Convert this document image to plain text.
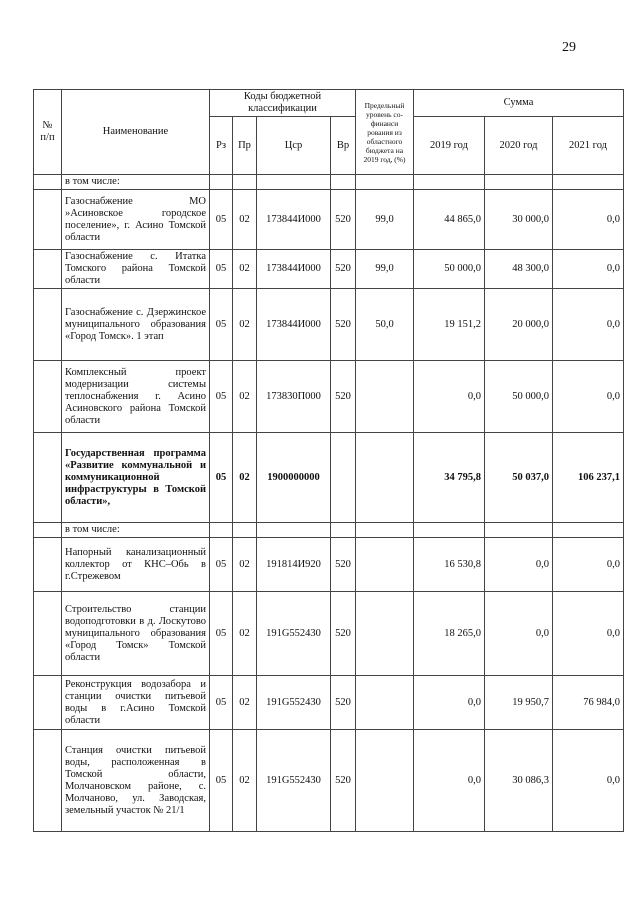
29
№ п/п	Наименование	Коды бюджетной классификации				Предельный уровень со-финанси рования из областного бюджета на 2019 год, (%)	Сумма		
		Рз	Пр	Цср	Вр		2019 год	2020 год	2021 год
	в том числе:								
	Газоснабжение МО »Асиновское городское поселение», г. Асино Томской области	05	02	173844И000	520	99,0	44 865,0	30 000,0	0,0
	Газоснабжение с. Итатка Томского района Томской области	05	02	173844И000	520	99,0	50 000,0	48 300,0	0,0
	Газоснабжение с. Дзержинское муниципального образования «Город Томск». 1 этап	05	02	173844И000	520	50,0	19 151,2	20 000,0	0,0
	Комплексный проект модернизации системы теплоснабжения г. Асино Асиновского района Томской области	05	02	173830П000	520		0,0	50 000,0	0,0
	Государственная программа «Развитие коммунальной и коммуникационной инфраструктуры в Томской области»,	05	02	1900000000			34 795,8	50 037,0	106 237,1
	в том числе:								
	Напорный канализационный коллектор от КНС–Обь в г.Стрежевом	05	02	191814И920	520		16 530,8	0,0	0,0
	Строительство станции водоподготовки в д. Лоскутово муниципального образования «Город Томск» Томской области	05	02	191G552430	520		18 265,0	0,0	0,0
	Реконструкция водозабора и станции очистки питьевой воды в г.Асино Томской области	05	02	191G552430	520		0,0	19 950,7	76 984,0
	Станция очистки питьевой воды, расположенная в Томской области, Молчановском районе, с. Молчаново, ул. Заводская, земельный участок № 21/1	05	02	191G552430	520		0,0	30 086,3	0,0
